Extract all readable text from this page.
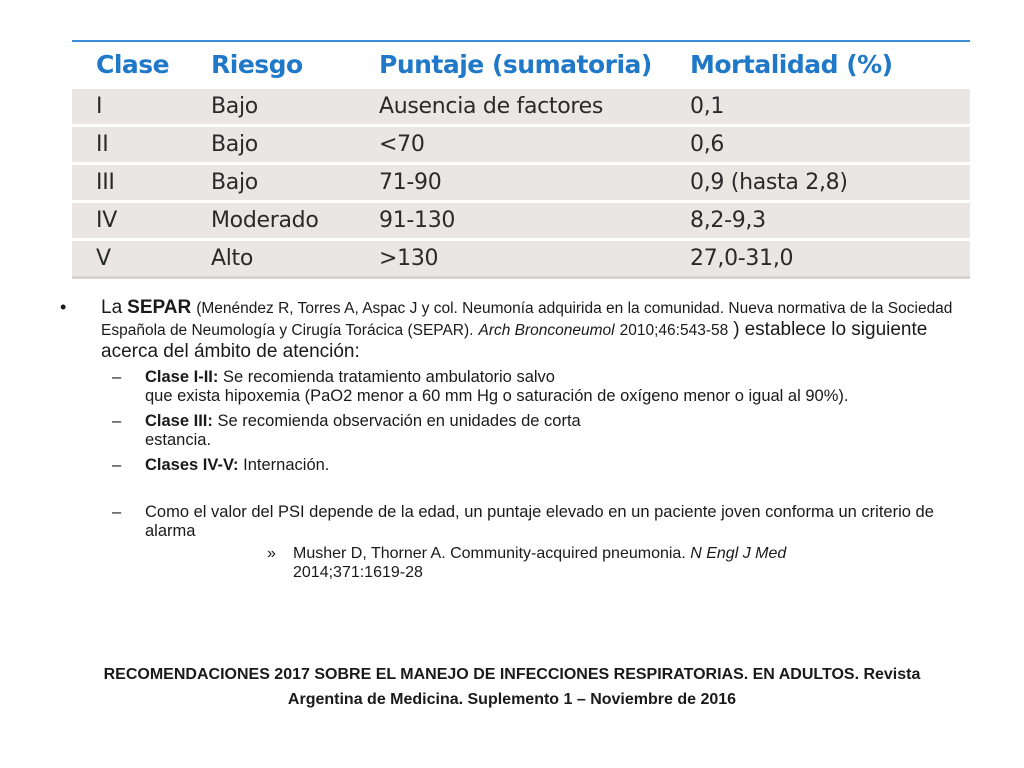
Clase	Riesgo	Puntaje (sumatoria)	Mortalidad (%)
I	Bajo	Ausencia de factores	0,1
II	Bajo	<70	0,6
III	Bajo	71-90	0,9 (hasta 2,8)
IV	Moderado	91-130	8,2-9,3
V	Alto	>130	27,0-31,0
• La SEPAR (Menéndez R, Torres A, Aspac J y col. Neumonía adquirida en la comunidad. Nueva normativa de la Sociedad Española de Neumología y Cirugía Torácica (SEPAR). Arch Bronconeumol 2010;46:543-58 ) establece lo siguiente acerca del ámbito de atención:
– Clase I-II: Se recomienda tratamiento ambulatorio salvo
que exista hipoxemia (PaO2 menor a 60 mm Hg o saturación de oxígeno menor o igual al 90%).
– Clase III: Se recomienda observación en unidades de corta
estancia.
– Clases IV-V: Internación.
– Como el valor del PSI depende de la edad, un puntaje elevado en un paciente joven conforma un criterio de alarma
» Musher D, Thorner A. Community-acquired pneumonia. N Engl J Med
2014;371:1619-28
RECOMENDACIONES 2017 SOBRE EL MANEJO DE INFECCIONES RESPIRATORIAS. EN ADULTOS. Revista
Argentina de Medicina. Suplemento 1 – Noviembre de 2016
